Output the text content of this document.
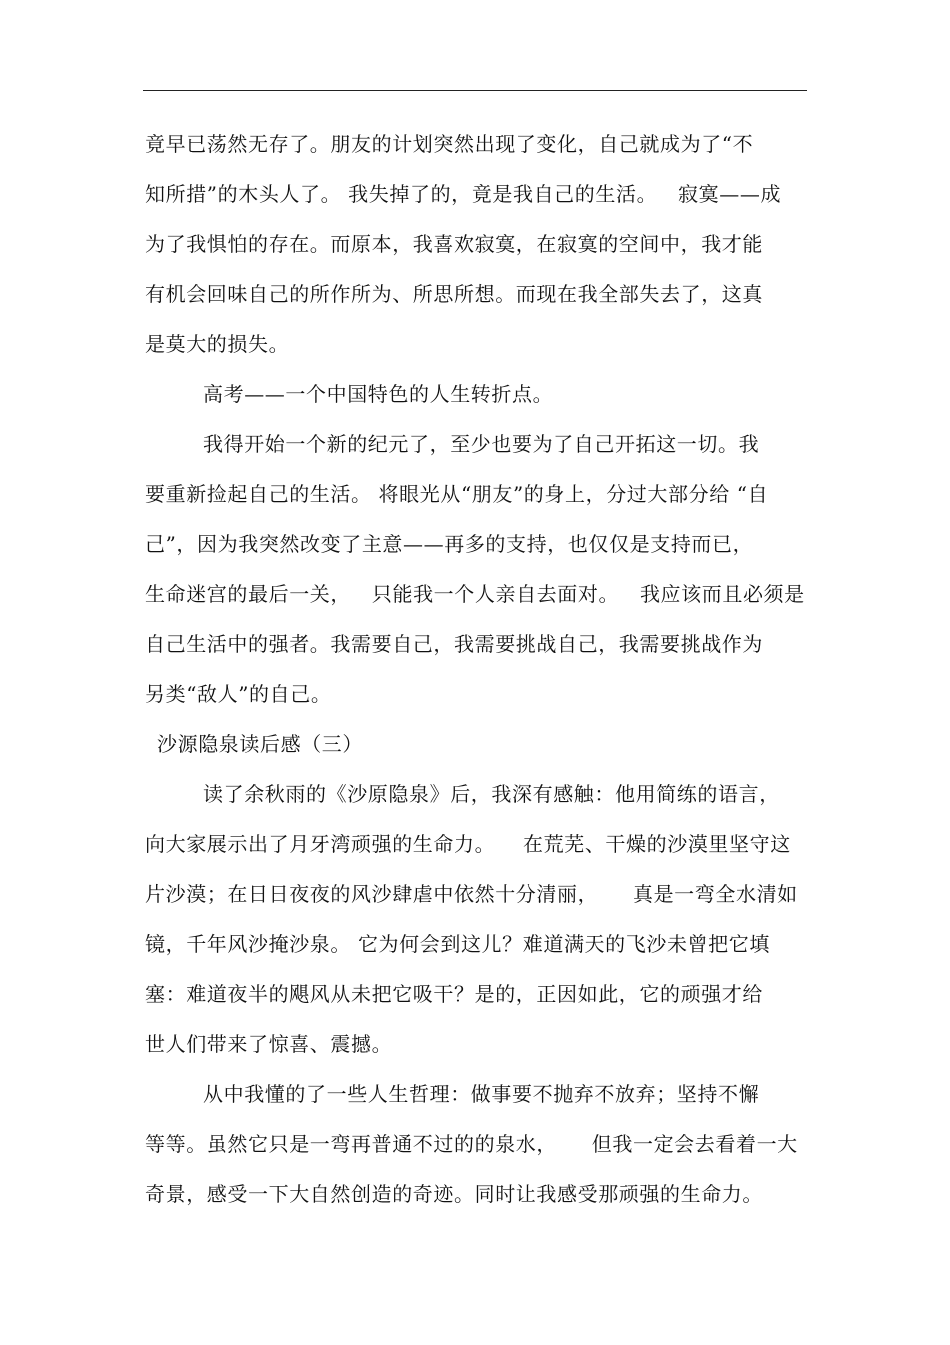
竟早已荡然无存了。朋友的计划突然出现了变化，自己就成为了“不
知所措”的木头人了。 我失掉了的，竟是我自己的生活。   寂寞——成
为了我惧怕的存在。而原本，我喜欢寂寞，在寂寞的空间中，我才能
有机会回味自己的所作所为、所思所想。而现在我全部失去了，这真
是莫大的损失。
高考——一个中国特色的人生转折点。
我得开始一个新的纪元了，至少也要为了自己开拓这一切。我
要重新捡起自己的生活。 将眼光从“朋友”的身上，分过大部分给 “自
己”，因为我突然改变了主意——再多的支持，也仅仅是支持而已，
生命迷宫的最后一关，   只能我一个人亲自去面对。   我应该而且必须是
自己生活中的强者。我需要自己，我需要挑战自己，我需要挑战作为
另类“敌人”的自己。
沙源隐泉读后感（三）
读了余秋雨的《沙原隐泉》后，我深有感触：他用简练的语言，
向大家展示出了月牙湾顽强的生命力。    在荒芜、干燥的沙漠里坚守这
片沙漠；在日日夜夜的风沙肆虐中依然十分清丽，     真是一弯全水清如
镜，千年风沙掩沙泉。 它为何会到这儿？难道满天的飞沙未曾把它填
塞：难道夜半的飓风从未把它吸干？是的，正因如此，它的顽强才给
世人们带来了惊喜、震撼。
从中我懂的了一些人生哲理：做事要不抛弃不放弃；坚持不懈
等等。虽然它只是一弯再普通不过的的泉水，     但我一定会去看着一大
奇景，感受一下大自然创造的奇迹。同时让我感受那顽强的生命力。
